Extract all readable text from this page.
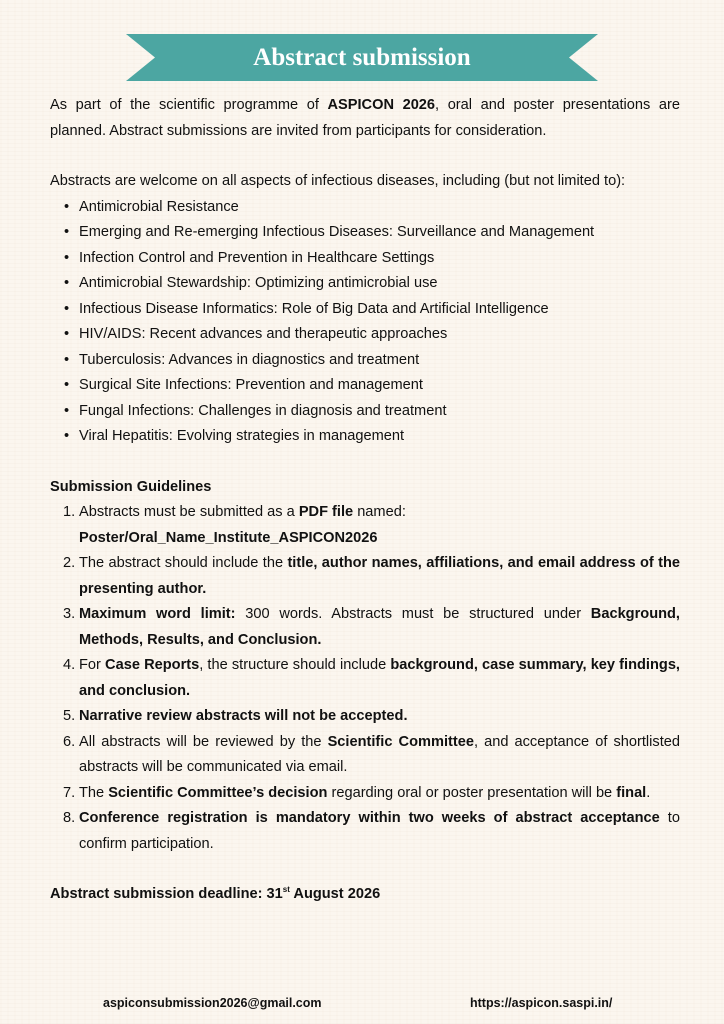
Abstract submission

As part of the scientific programme of ASPICON 2026, oral and poster presentations are planned. Abstract submissions are invited from participants for consideration.

Abstracts are welcome on all aspects of infectious diseases, including (but not limited to):

• Antimicrobial Resistance
• Emerging and Re-emerging Infectious Diseases: Surveillance and Management
• Infection Control and Prevention in Healthcare Settings
• Antimicrobial Stewardship: Optimizing antimicrobial use
• Infectious Disease Informatics: Role of Big Data and Artificial Intelligence
• HIV/AIDS: Recent advances and therapeutic approaches
• Tuberculosis: Advances in diagnostics and treatment
• Surgical Site Infections: Prevention and management
• Fungal Infections: Challenges in diagnosis and treatment
• Viral Hepatitis: Evolving strategies in management

Submission Guidelines

1. Abstracts must be submitted as a PDF file named:
Poster/Oral_Name_Institute_ASPICON2026
2. The abstract should include the title, author names, affiliations, and email address of the presenting author.
3. Maximum word limit: 300 words. Abstracts must be structured under Background, Methods, Results, and Conclusion.
4. For Case Reports, the structure should include background, case summary, key findings, and conclusion.
5. Narrative review abstracts will not be accepted.
6. All abstracts will be reviewed by the Scientific Committee, and acceptance of shortlisted abstracts will be communicated via email.
7. The Scientific Committee’s decision regarding oral or poster presentation will be final.
8. Conference registration is mandatory within two weeks of abstract acceptance to confirm participation.

Abstract submission deadline: 31st August 2026

aspiconsubmission2026@gmail.com	https://aspicon.saspi.in/
